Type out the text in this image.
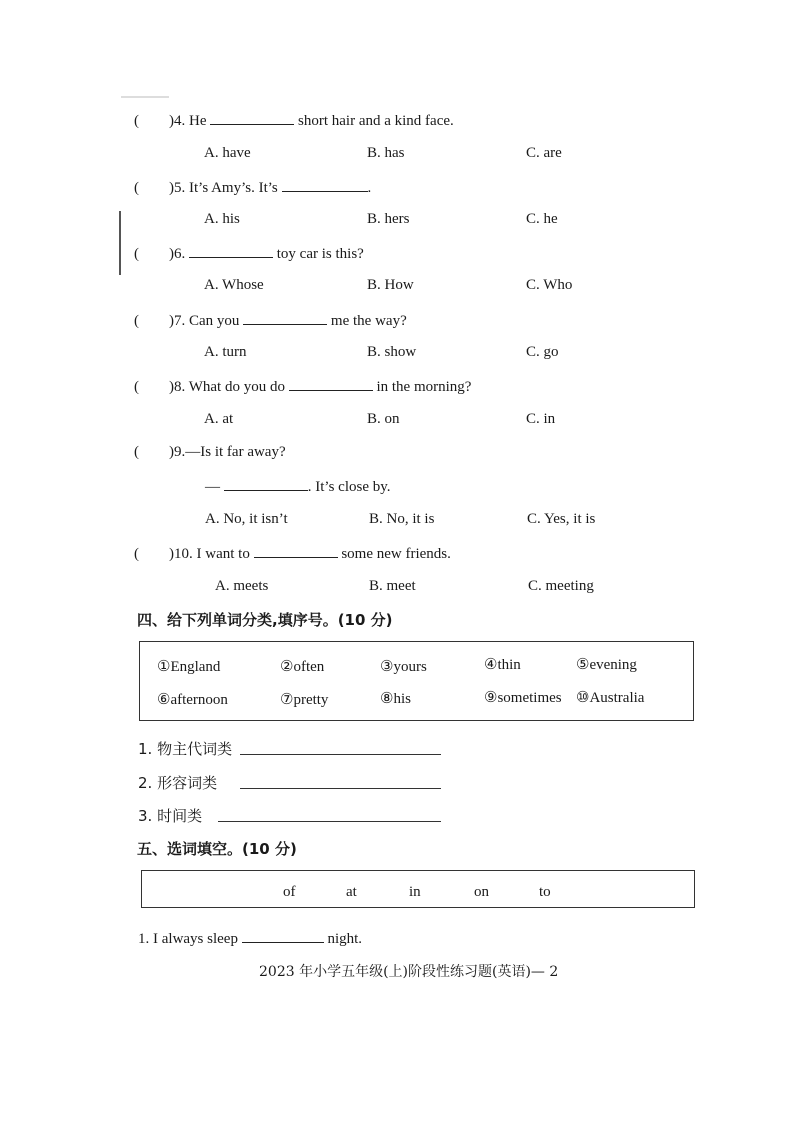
( )4. He	short hair and a kind face.
A. have	B. has	C. are
( )5. It’s Amy’s. It’s	.
A. his	B. hers	C. he
( )6.	toy car is this?
A. Whose	B. How	C. Who
( )7. Can you	me the way?
A. turn	B. show	C. go
( )8. What do you do	in the morning?
A. at	B. on	C. in
( )9.—Is it far away?
—	. It’s close by.
A. No, it isn’t	B. No, it is	C. Yes, it is
( )10. I want to	some new friends.
A. meets	B. meet	C. meeting
四、给下列单词分类,填序号。(10 分)
①England	②often	③yours	④thin	⑤evening
⑥afternoon	⑦pretty	⑧his	⑨sometimes ⑩Australia
1. 物主代词类
2. 形容词类
3. 时间类
五、选词填空。(10 分)
of	at	in	on	to
1. I always sleep	night.
2023 年小学五年级(上)阶段性练习题(英语)— 2
